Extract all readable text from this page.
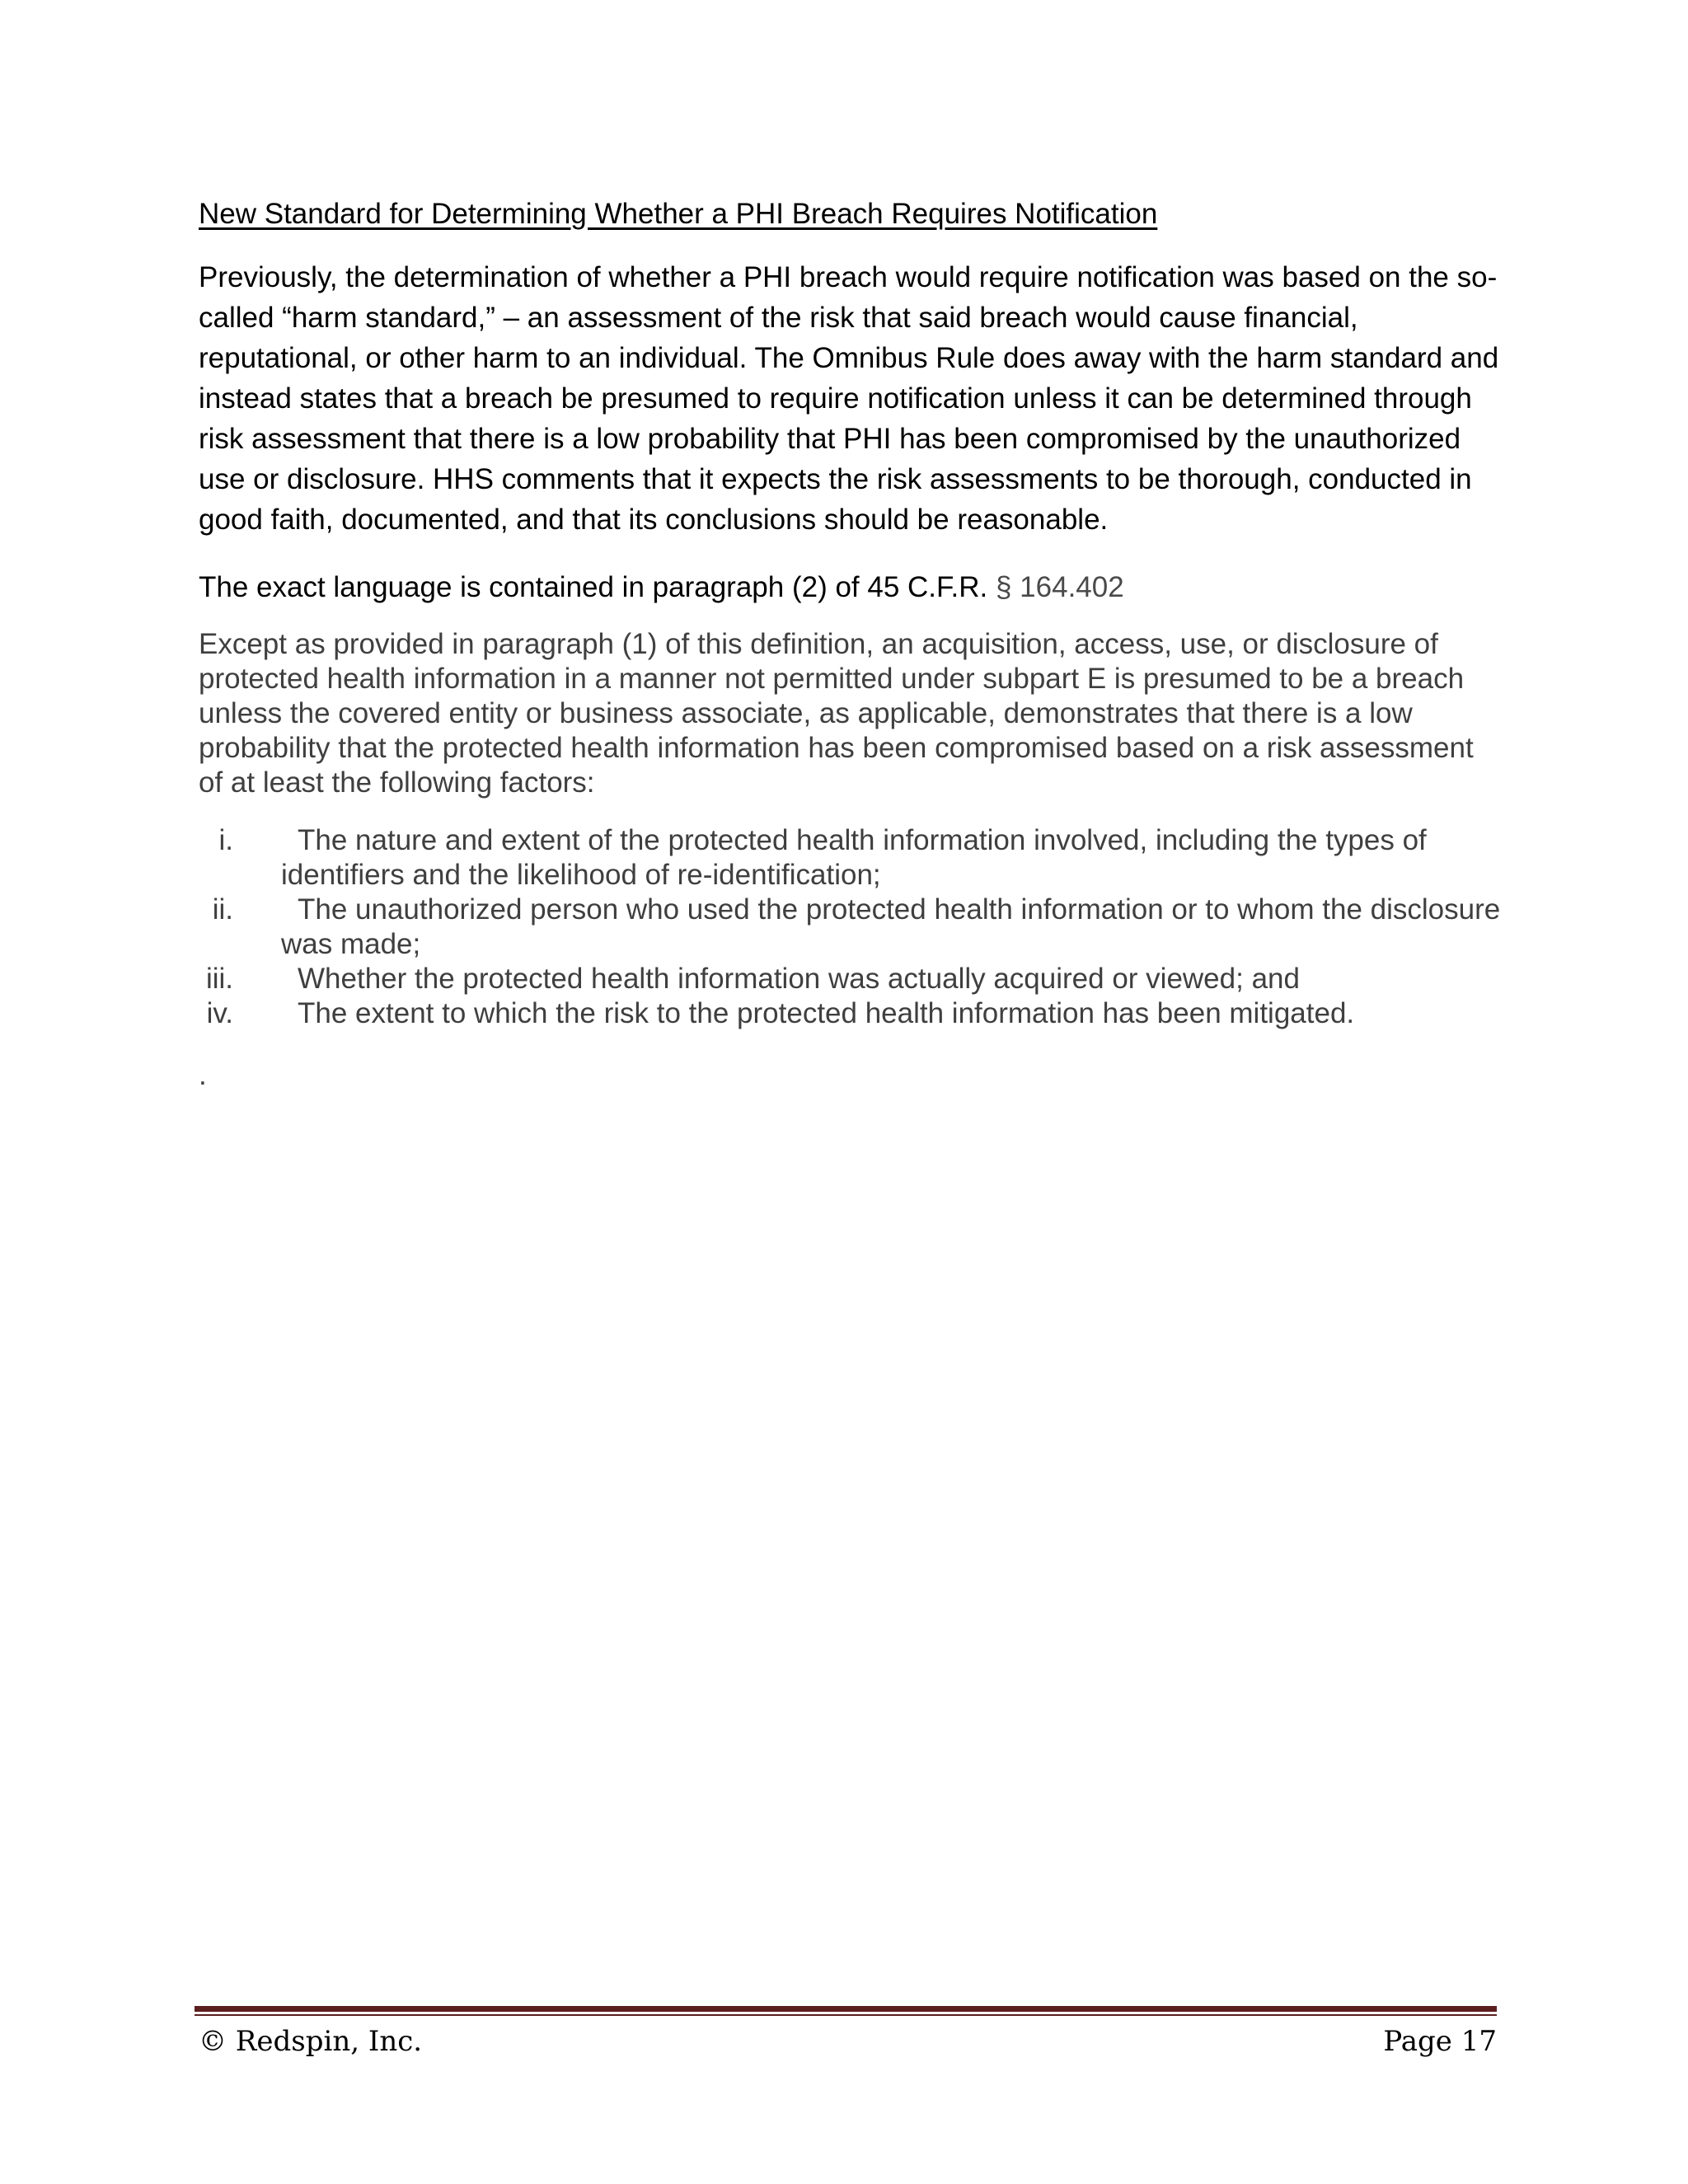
New Standard for Determining Whether a PHI Breach Requires Notification
Previously, the determination of whether a PHI breach would require notification was based on the so-called “harm standard,” – an assessment of the risk that said breach would cause financial, reputational, or other harm to an individual. The Omnibus Rule does away with the harm standard and instead states that a breach be presumed to require notification unless it can be determined through risk assessment that there is a low probability that PHI has been compromised by the unauthorized use or disclosure. HHS comments that it expects the risk assessments to be thorough, conducted in good faith, documented, and that its conclusions should be reasonable.
The exact language is contained in paragraph (2) of 45 C.F.R. § 164.402
Except as provided in paragraph (1) of this definition, an acquisition, access, use, or disclosure of protected health information in a manner not permitted under subpart E is presumed to be a breach unless the covered entity or business associate, as applicable, demonstrates that there is a low probability that the protected health information has been compromised based on a risk assessment of at least the following factors:
i.	The nature and extent of the protected health information involved, including the types of identifiers and the likelihood of re-identification;
ii.	The unauthorized person who used the protected health information or to whom the disclosure was made;
iii.	Whether the protected health information was actually acquired or viewed; and
iv.	The extent to which the risk to the protected health information has been mitigated.
.
© Redspin, Inc.	Page 17
